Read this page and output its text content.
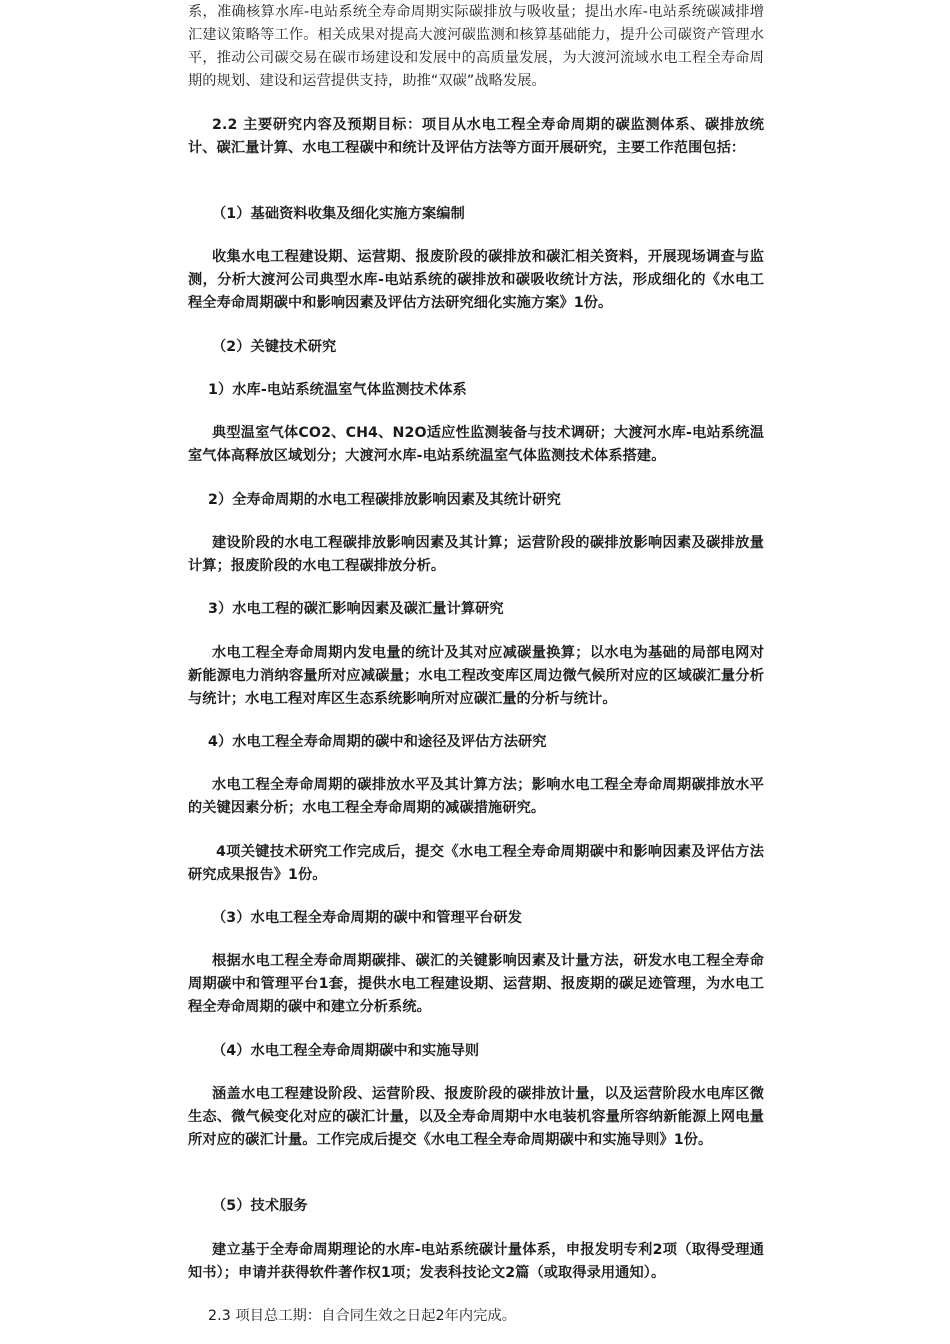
系，准确核算水库-电站系统全寿命周期实际碳排放与吸收量；提出水库-电站系统碳减排增汇建议策略等工作。相关成果对提高大渡河碳监测和核算基础能力，提升公司碳资产管理水平，推动公司碳交易在碳市场建设和发展中的高质量发展，为大渡河流域水电工程全寿命周期的规划、建设和运营提供支持，助推“双碳”战略发展。

2.2 主要研究内容及预期目标：项目从水电工程全寿命周期的碳监测体系、碳排放统计、碳汇量计算、水电工程碳中和统计及评估方法等方面开展研究，主要工作范围包括：

（1）基础资料收集及细化实施方案编制

收集水电工程建设期、运营期、报废阶段的碳排放和碳汇相关资料，开展现场调查与监测，分析大渡河公司典型水库-电站系统的碳排放和碳吸收统计方法，形成细化的《水电工程全寿命周期碳中和影响因素及评估方法研究细化实施方案》1份。

（2）关键技术研究

1）水库-电站系统温室气体监测技术体系

典型温室气体CO2、CH4、N2O适应性监测装备与技术调研；大渡河水库-电站系统温室气体高释放区域划分；大渡河水库-电站系统温室气体监测技术体系搭建。

2）全寿命周期的水电工程碳排放影响因素及其统计研究

建设阶段的水电工程碳排放影响因素及其计算；运营阶段的碳排放影响因素及碳排放量计算；报废阶段的水电工程碳排放分析。

3）水电工程的碳汇影响因素及碳汇量计算研究

水电工程全寿命周期内发电量的统计及其对应减碳量换算；以水电为基础的局部电网对新能源电力消纳容量所对应减碳量；水电工程改变库区周边微气候所对应的区域碳汇量分析与统计；水电工程对库区生态系统影响所对应碳汇量的分析与统计。

4）水电工程全寿命周期的碳中和途径及评估方法研究

水电工程全寿命周期的碳排放水平及其计算方法；影响水电工程全寿命周期碳排放水平的关键因素分析；水电工程全寿命周期的减碳措施研究。

4项关键技术研究工作完成后，提交《水电工程全寿命周期碳中和影响因素及评估方法研究成果报告》1份。

（3）水电工程全寿命周期的碳中和管理平台研发

根据水电工程全寿命周期碳排、碳汇的关键影响因素及计量方法，研发水电工程全寿命周期碳中和管理平台1套，提供水电工程建设期、运营期、报废期的碳足迹管理，为水电工程全寿命周期的碳中和建立分析系统。

（4）水电工程全寿命周期碳中和实施导则

涵盖水电工程建设阶段、运营阶段、报废阶段的碳排放计量，以及运营阶段水电库区微生态、微气候变化对应的碳汇计量，以及全寿命周期中水电装机容量所容纳新能源上网电量所对应的碳汇计量。工作完成后提交《水电工程全寿命周期碳中和实施导则》1份。

（5）技术服务

建立基于全寿命周期理论的水库-电站系统碳计量体系，申报发明专利2项（取得受理通知书）；申请并获得软件著作权1项；发表科技论文2篇（或取得录用通知）。

2.3 项目总工期：自合同生效之日起2年内完成。
